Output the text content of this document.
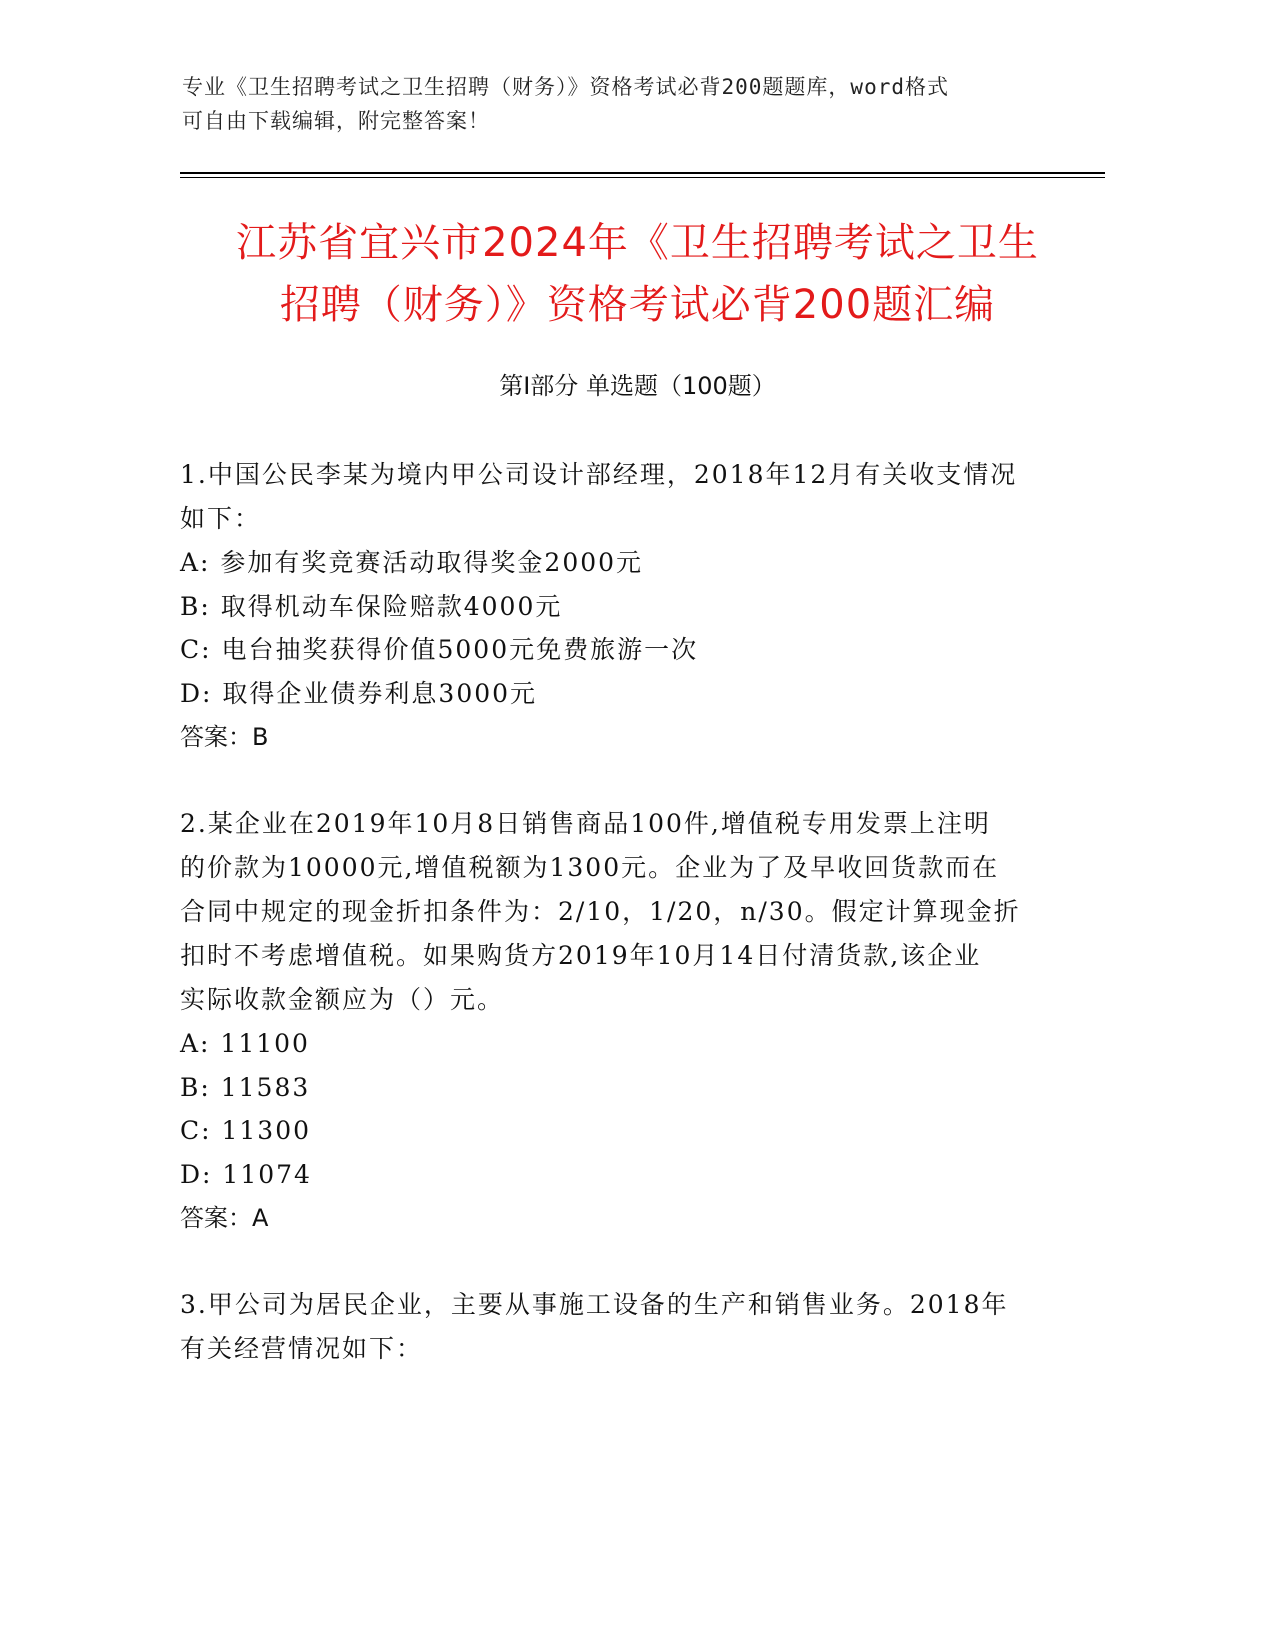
专业《卫生招聘考试之卫生招聘（财务）》资格考试必背200题题库，word格式
可自由下载编辑，附完整答案！
江苏省宜兴市2024年《卫生招聘考试之卫生
招聘（财务）》资格考试必背200题汇编
第I部分 单选题（100题）
1.中国公民李某为境内甲公司设计部经理，2018年12月有关收支情况
如下：
A: 参加有奖竞赛活动取得奖金2000元
B: 取得机动车保险赔款4000元
C: 电台抽奖获得价值5000元免费旅游一次
D: 取得企业债券利息3000元
答案：B
2.某企业在2019年10月8日销售商品100件,增值税专用发票上注明
的价款为10000元,增值税额为1300元。企业为了及早收回货款而在
合同中规定的现金折扣条件为：2/10，1/20，n/30。假定计算现金折
扣时不考虑增值税。如果购货方2019年10月14日付清货款,该企业
实际收款金额应为（）元。
A: 11100
B: 11583
C: 11300
D: 11074
答案：A
3.甲公司为居民企业，主要从事施工设备的生产和销售业务。2018年
有关经营情况如下：
